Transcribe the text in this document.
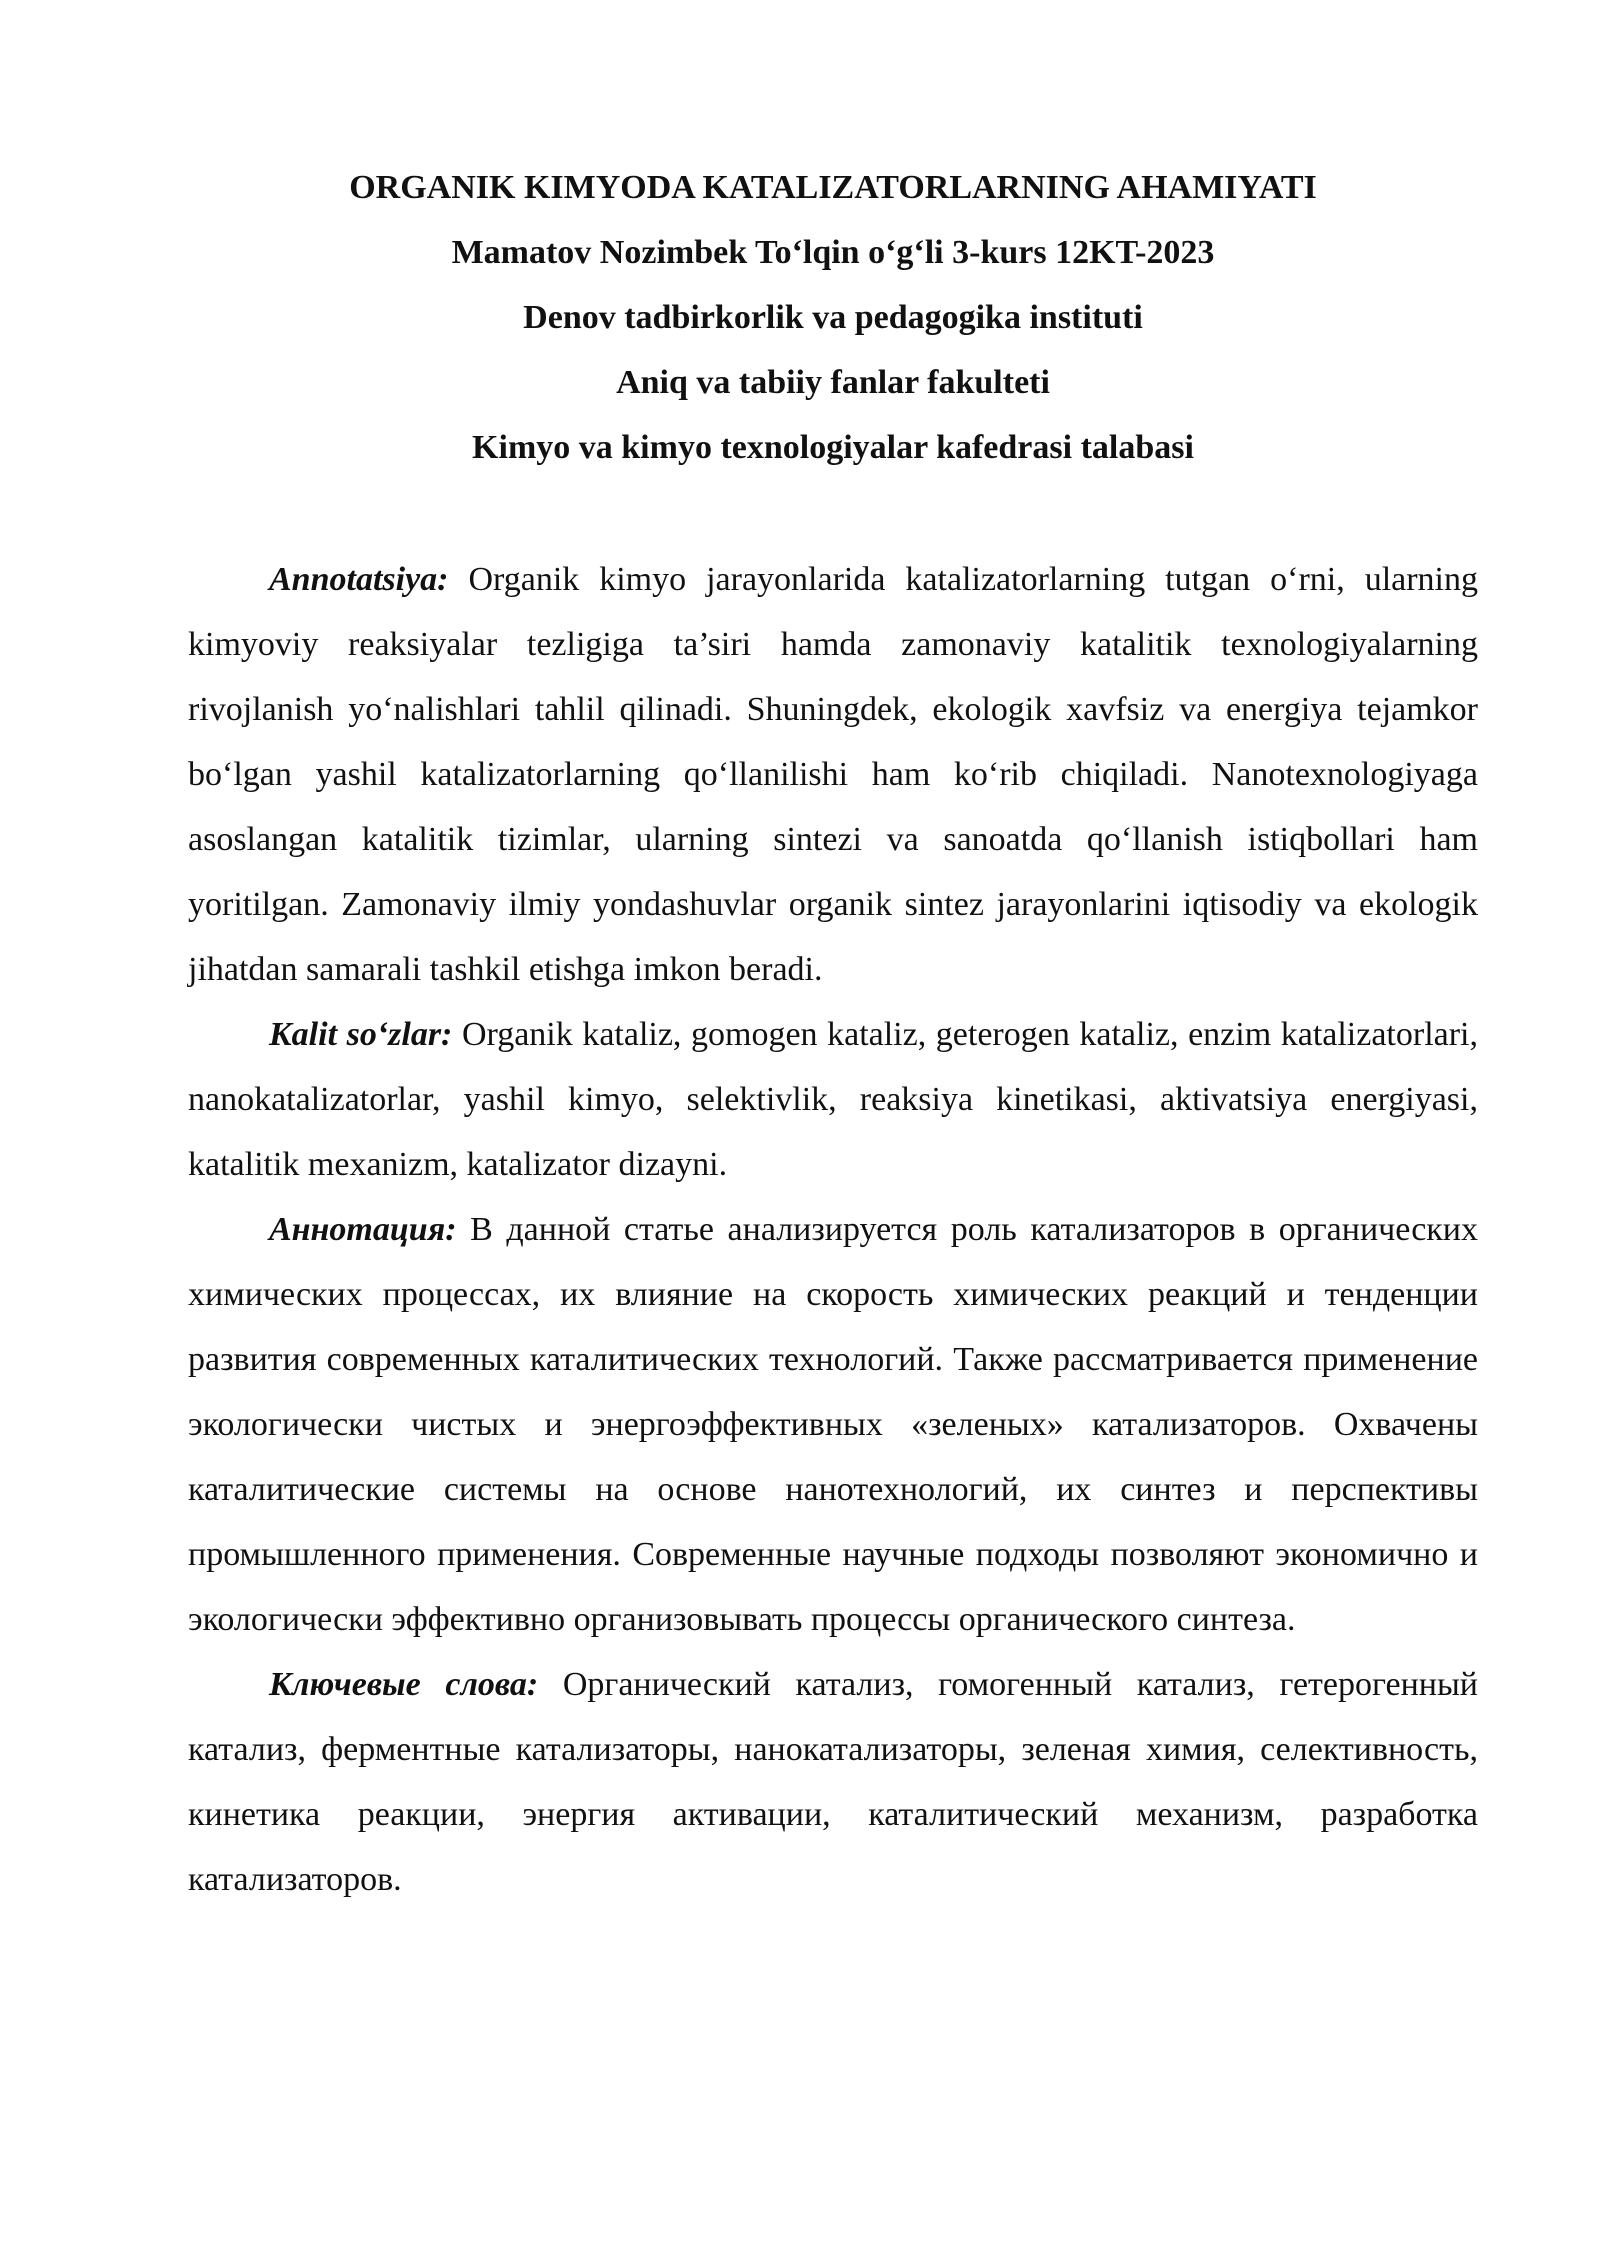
ORGANIK KIMYODA KATALIZATORLARNING AHAMIYATI
Mamatov Nozimbek To‘lqin o‘g‘li 3-kurs 12KT-2023
Denov tadbirkorlik va pedagogika instituti
Aniq va tabiiy fanlar fakulteti
Kimyo va kimyo texnologiyalar kafedrasi talabasi

Annotatsiya: Organik kimyo jarayonlarida katalizatorlarning tutgan o‘rni, ularning kimyoviy reaksiyalar tezligiga ta’siri hamda zamonaviy katalitik texnologiyalarning rivojlanish yo‘nalishlari tahlil qilinadi. Shuningdek, ekologik xavfsiz va energiya tejamkor bo‘lgan yashil katalizatorlarning qo‘llanilishi ham ko‘rib chiqiladi. Nanotexnologiyaga asoslangan katalitik tizimlar, ularning sintezi va sanoatda qo‘llanish istiqbollari ham yoritilgan. Zamonaviy ilmiy yondashuvlar organik sintez jarayonlarini iqtisodiy va ekologik jihatdan samarali tashkil etishga imkon beradi.

Kalit so‘zlar: Organik kataliz, gomogen kataliz, geterogen kataliz, enzim katalizatorlari, nanokatalizatorlar, yashil kimyo, selektivlik, reaksiya kinetikasi, aktivatsiya energiyasi, katalitik mexanizm, katalizator dizayni.

Аннотация: В данной статье анализируется роль катализаторов в органических химических процессах, их влияние на скорость химических реакций и тенденции развития современных каталитических технологий. Также рассматривается применение экологически чистых и энергоэффективных «зеленых» катализаторов. Охвачены каталитические системы на основе нанотехнологий, их синтез и перспективы промышленного применения. Современные научные подходы позволяют экономично и экологически эффективно организовывать процессы органического синтеза.

Ключевые слова: Органический катализ, гомогенный катализ, гетерогенный катализ, ферментные катализаторы, нанокатализаторы, зеленая химия, селективность, кинетика реакции, энергия активации, каталитический механизм, разработка катализаторов.
